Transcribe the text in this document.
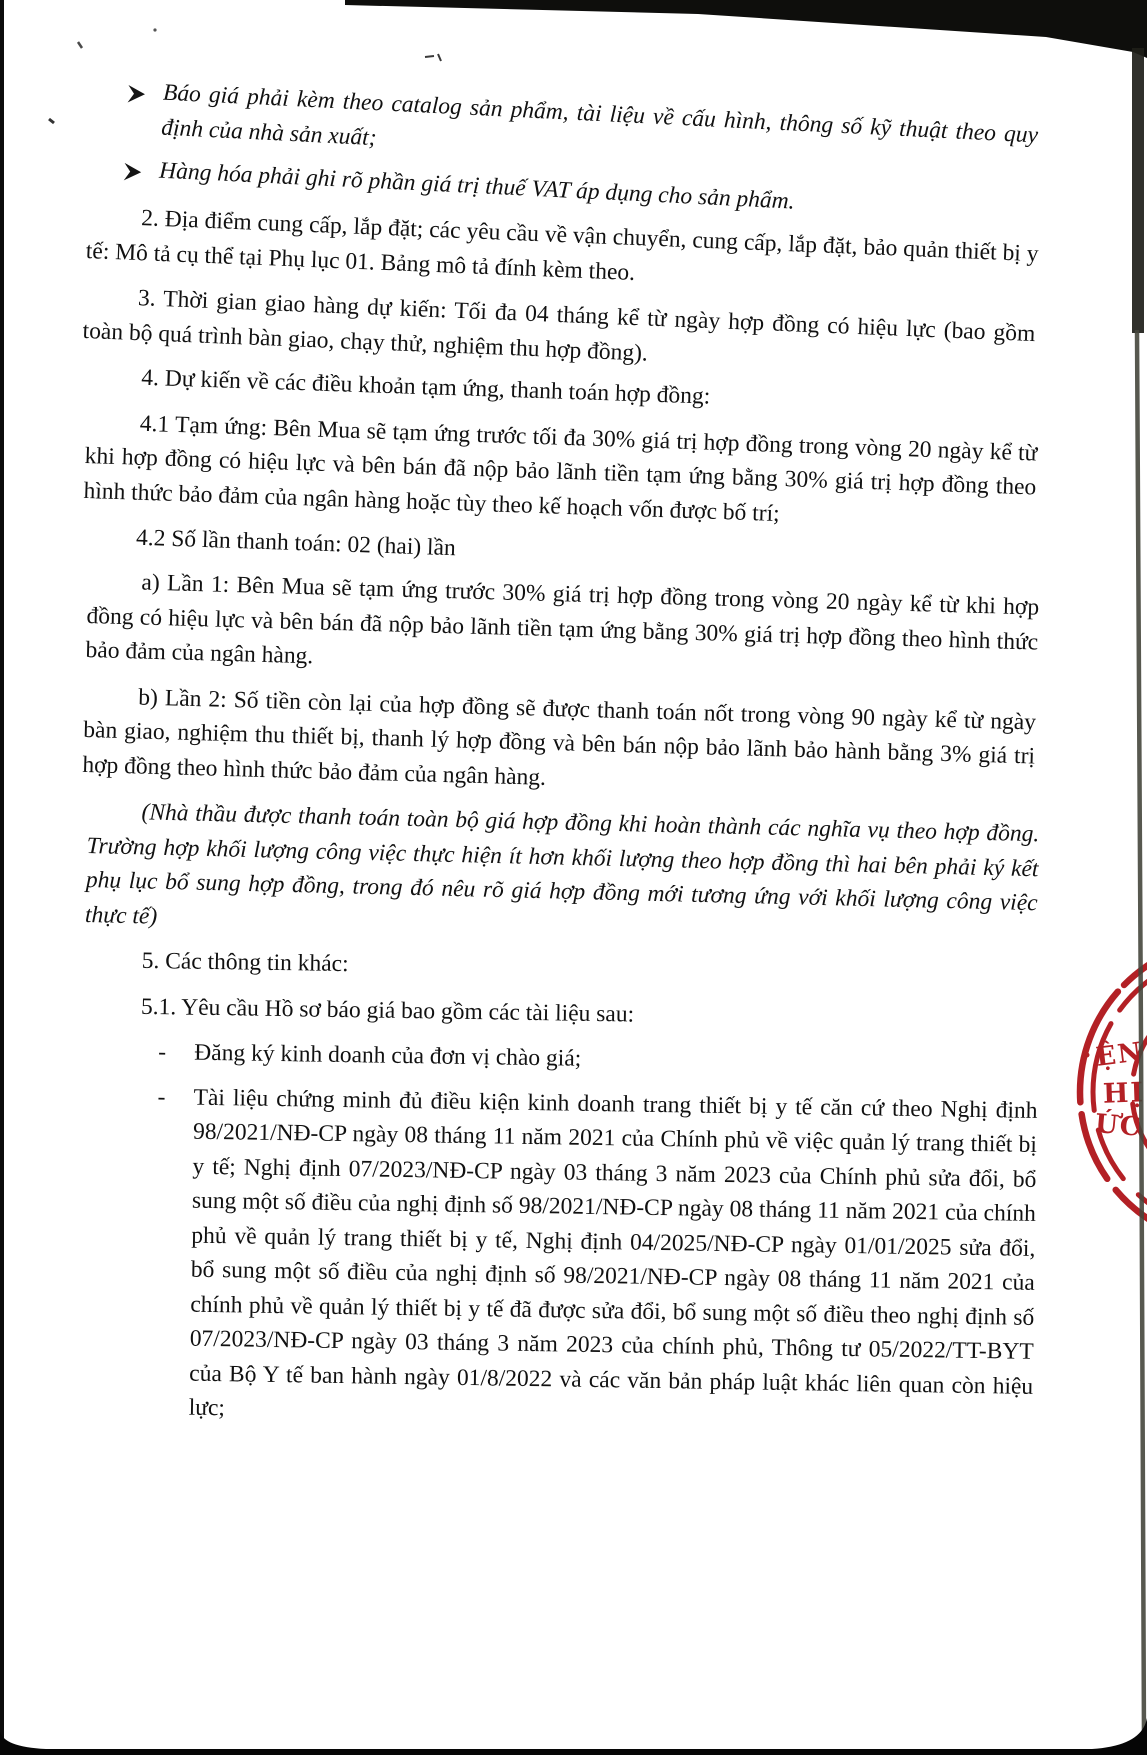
Báo giá phải kèm theo catalog sản phẩm, tài liệu về cấu hình, thông số kỹ thuật theo quy định của nhà sản xuất;
Hàng hóa phải ghi rõ phần giá trị thuế VAT áp dụng cho sản phẩm.

2. Địa điểm cung cấp, lắp đặt; các yêu cầu về vận chuyển, cung cấp, lắp đặt, bảo quản thiết bị y tế: Mô tả cụ thể tại Phụ lục 01. Bảng mô tả đính kèm theo.

3. Thời gian giao hàng dự kiến: Tối đa 04 tháng kể từ ngày hợp đồng có hiệu lực (bao gồm toàn bộ quá trình bàn giao, chạy thử, nghiệm thu hợp đồng).

4. Dự kiến về các điều khoản tạm ứng, thanh toán hợp đồng:

4.1 Tạm ứng: Bên Mua sẽ tạm ứng trước tối đa 30% giá trị hợp đồng trong vòng 20 ngày kể từ khi hợp đồng có hiệu lực và bên bán đã nộp bảo lãnh tiền tạm ứng bằng 30% giá trị hợp đồng theo hình thức bảo đảm của ngân hàng hoặc tùy theo kế hoạch vốn được bố trí;

4.2 Số lần thanh toán: 02 (hai) lần

a) Lần 1: Bên Mua sẽ tạm ứng trước 30% giá trị hợp đồng trong vòng 20 ngày kể từ khi hợp đồng có hiệu lực và bên bán đã nộp bảo lãnh tiền tạm ứng bằng 30% giá trị hợp đồng theo hình thức bảo đảm của ngân hàng.

b) Lần 2: Số tiền còn lại của hợp đồng sẽ được thanh toán nốt trong vòng 90 ngày kể từ ngày bàn giao, nghiệm thu thiết bị, thanh lý hợp đồng và bên bán nộp bảo lãnh bảo hành bằng 3% giá trị hợp đồng theo hình thức bảo đảm của ngân hàng.

(Nhà thầu được thanh toán toàn bộ giá hợp đồng khi hoàn thành các nghĩa vụ theo hợp đồng. Trường hợp khối lượng công việc thực hiện ít hơn khối lượng theo hợp đồng thì hai bên phải ký kết phụ lục bổ sung hợp đồng, trong đó nêu rõ giá hợp đồng mới tương ứng với khối lượng công việc thực tế)

5. Các thông tin khác:

5.1. Yêu cầu Hồ sơ báo giá bao gồm các tài liệu sau:

-	Đăng ký kinh doanh của đơn vị chào giá;
-	Tài liệu chứng minh đủ điều kiện kinh doanh trang thiết bị y tế căn cứ theo Nghị định 98/2021/NĐ-CP ngày 08 tháng 11 năm 2021 của Chính phủ về việc quản lý trang thiết bị y tế; Nghị định 07/2023/NĐ-CP ngày 03 tháng 3 năm 2023 của Chính phủ sửa đổi, bổ sung một số điều của nghị định số 98/2021/NĐ-CP ngày 08 tháng 11 năm 2021 của chính phủ về quản lý trang thiết bị y tế, Nghị định 04/2025/NĐ-CP ngày 01/01/2025 sửa đổi, bổ sung một số điều của nghị định số 98/2021/NĐ-CP ngày 08 tháng 11 năm 2021 của chính phủ về quản lý thiết bị y tế đã được sửa đổi, bổ sung một số điều theo nghị định số 07/2023/NĐ-CP ngày 03 tháng 3 năm 2023 của chính phủ, Thông tư 05/2022/TT-BYT của Bộ Y tế ban hành ngày 01/8/2022 và các văn bản pháp luật khác liên quan còn hiệu lực;
ỆN
HỊ
ỨC
